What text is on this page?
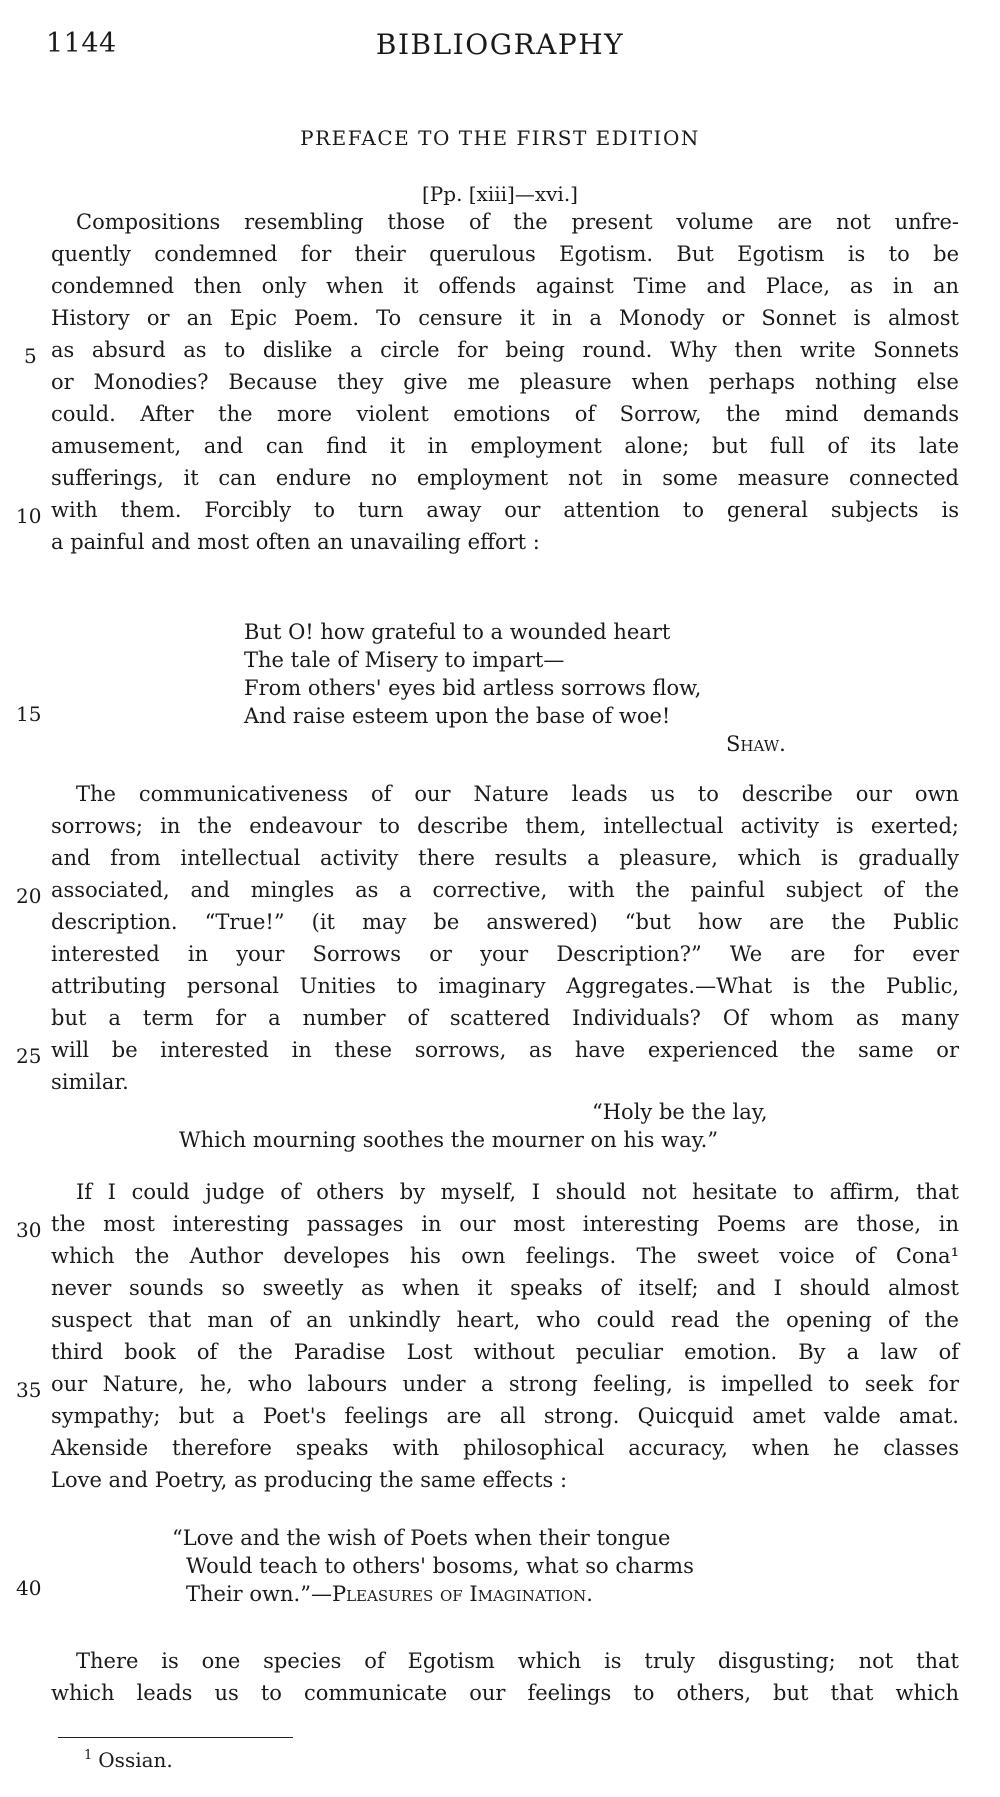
1144	BIBLIOGRAPHY
PREFACE TO THE FIRST EDITION
[Pp. [xiii]—xvi.]
Compositions resembling those of the present volume are not unfre-
quently condemned for their querulous Egotism. But Egotism is to be
condemned then only when it offends against Time and Place, as in an
History or an Epic Poem. To censure it in a Monody or Sonnet is almost
as absurd as to dislike a circle for being round. Why then write Sonnets
or Monodies? Because they give me pleasure when perhaps nothing else
could. After the more violent emotions of Sorrow, the mind demands
amusement, and can find it in employment alone; but full of its late
sufferings, it can endure no employment not in some measure connected
with them. Forcibly to turn away our attention to general subjects is
a painful and most often an unavailing effort :
But O! how grateful to a wounded heart
The tale of Misery to impart—
From others' eyes bid artless sorrows flow,
And raise esteem upon the base of woe!
Shaw.
The communicativeness of our Nature leads us to describe our own
sorrows; in the endeavour to describe them, intellectual activity is exerted;
and from intellectual activity there results a pleasure, which is gradually
associated, and mingles as a corrective, with the painful subject of the
description. “True!” (it may be answered) “but how are the Public
interested in your Sorrows or your Description?” We are for ever
attributing personal Unities to imaginary Aggregates.—What is the Public,
but a term for a number of scattered Individuals? Of whom as many
will be interested in these sorrows, as have experienced the same or
similar.
“Holy be the lay,
Which mourning soothes the mourner on his way.”
If I could judge of others by myself, I should not hesitate to affirm, that
the most interesting passages in our most interesting Poems are those, in
which the Author developes his own feelings. The sweet voice of Cona¹
never sounds so sweetly as when it speaks of itself; and I should almost
suspect that man of an unkindly heart, who could read the opening of the
third book of the Paradise Lost without peculiar emotion. By a law of
our Nature, he, who labours under a strong feeling, is impelled to seek for
sympathy; but a Poet's feelings are all strong. Quicquid amet valde amat.
Akenside therefore speaks with philosophical accuracy, when he classes
Love and Poetry, as producing the same effects :
“Love and the wish of Poets when their tongue
Would teach to others' bosoms, what so charms
Their own.”—Pleasures of Imagination.
There is one species of Egotism which is truly disgusting; not that
which leads us to communicate our feelings to others, but that which
5
10
15
20
25
30
35
40
$^1$ Ossian.
